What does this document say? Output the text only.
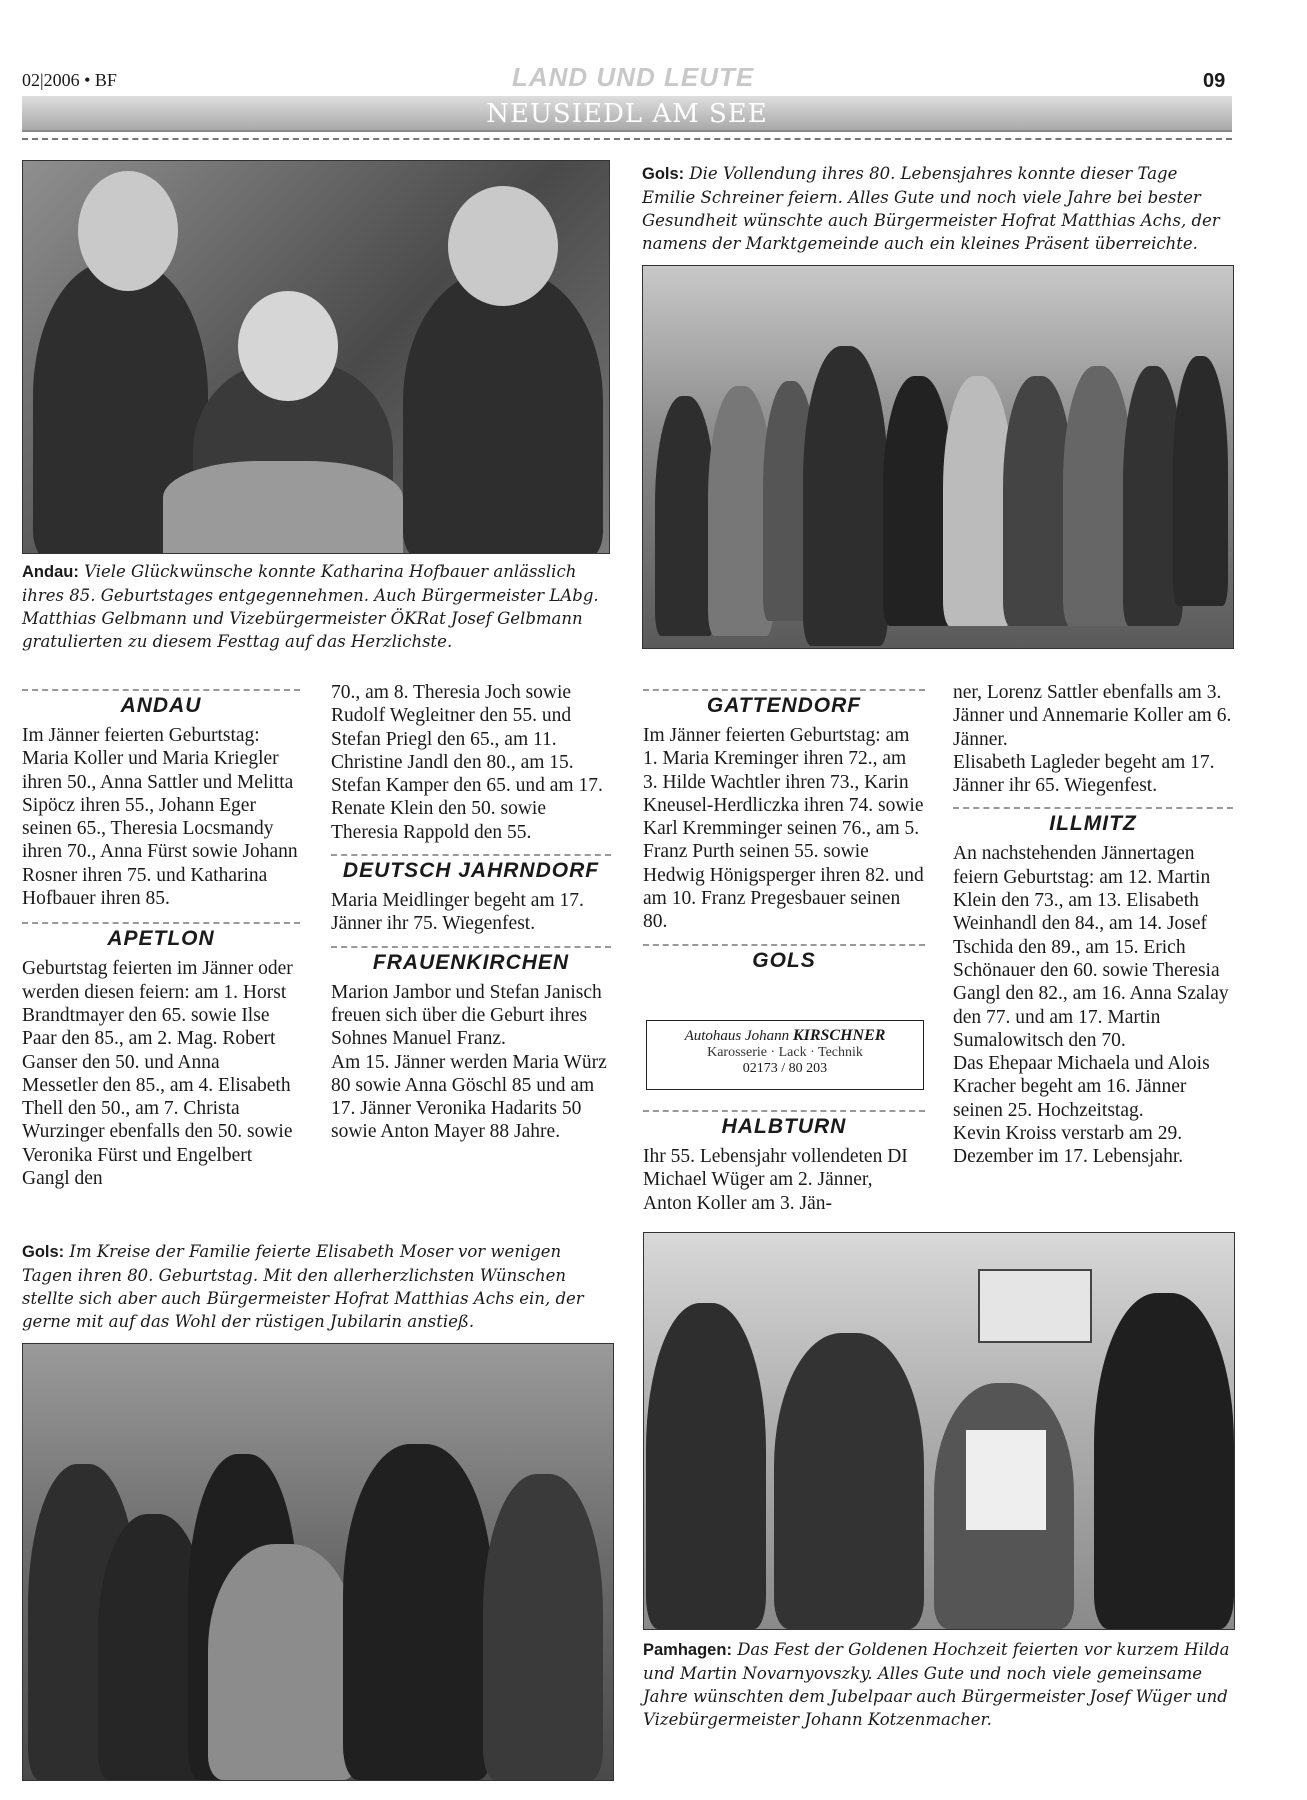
02|2006 • BF	LAND UND LEUTE	09
NEUSIEDL AM SEE
Andau: Viele Glückwünsche konnte Katharina Hofbauer anlässlich ihres 85. Geburtstages entgegennehmen. Auch Bürgermeister LAbg. Matthias Gelbmann und Vizebürgermeister ÖKRat Josef Gelbmann gratulierten zu diesem Festtag auf das Herzlichste.
Gols: Die Vollendung ihres 80. Lebensjahres konnte dieser Tage Emilie Schreiner feiern. Alles Gute und noch viele Jahre bei bester Gesundheit wünschte auch Bürgermeister Hofrat Matthias Achs, der namens der Marktgemeinde auch ein kleines Präsent überreichte.
ANDAU

Im Jänner feierten Geburtstag: Maria Koller und Maria Kriegler ihren 50., Anna Sattler und Melitta Sipöcz ihren 55., Johann Eger seinen 65., Theresia Locsmandy ihren 70., Anna Fürst sowie Johann Rosner ihren 75. und Katharina Hofbauer ihren 85.

APETLON

Geburtstag feierten im Jänner oder werden diesen feiern: am 1. Horst Brandtmayer den 65. sowie Ilse Paar den 85., am 2. Mag. Robert Ganser den 50. und Anna Messetler den 85., am 4. Elisabeth Thell den 50., am 7. Christa Wurzinger ebenfalls den 50. sowie Veronika Fürst und Engelbert Gangl den

70., am 8. Theresia Joch sowie Rudolf Wegleitner den 55. und Stefan Priegl den 65., am 11. Christine Jandl den 80., am 15. Stefan Kamper den 65. und am 17. Renate Klein den 50. sowie Theresia Rappold den 55.

DEUTSCH JAHRNDORF

Maria Meidlinger begeht am 17. Jänner ihr 75. Wiegenfest.

FRAUENKIRCHEN

Marion Jambor und Stefan Janisch freuen sich über die Geburt ihres Sohnes Manuel Franz.

Am 15. Jänner werden Maria Würz 80 sowie Anna Göschl 85 und am 17. Jänner Veronika Hadarits 50 sowie Anton Mayer 88 Jahre.

GATTENDORF

Im Jänner feierten Geburtstag: am 1. Maria Kreminger ihren 72., am 3. Hilde Wachtler ihren 73., Karin Kneusel-Herdliczka ihren 74. sowie Karl Kremminger seinen 76., am 5. Franz Purth seinen 55. sowie Hedwig Hönigsperger ihren 82. und am 10. Franz Pregesbauer seinen 80.

GOLS
Autohaus Johann KIRSCHNER
Karosserie · Lack · Technik
02173 / 80 203
HALBTURN

Ihr 55. Lebensjahr vollendeten DI Michael Wüger am 2. Jänner, Anton Koller am 3. Jän-

ner, Lorenz Sattler ebenfalls am 3. Jänner und Annemarie Koller am 6. Jänner.

Elisabeth Lagleder begeht am 17. Jänner ihr 65. Wiegenfest.

ILLMITZ

An nachstehenden Jännertagen feiern Geburtstag: am 12. Martin Klein den 73., am 13. Elisabeth Weinhandl den 84., am 14. Josef Tschida den 89., am 15. Erich Schönauer den 60. sowie Theresia Gangl den 82., am 16. Anna Szalay den 77. und am 17. Martin Sumalowitsch den 70.

Das Ehepaar Michaela und Alois Kracher begeht am 16. Jänner seinen 25. Hochzeitstag.

Kevin Kroiss verstarb am 29. Dezember im 17. Lebensjahr.

Gols: Im Kreise der Familie feierte Elisabeth Moser vor wenigen Tagen ihren 80. Geburtstag. Mit den allerherzlichsten Wünschen stellte sich aber auch Bürgermeister Hofrat Matthias Achs ein, der gerne mit auf das Wohl der rüstigen Jubilarin anstieß.
Pamhagen: Das Fest der Goldenen Hochzeit feierten vor kurzem Hilda und Martin Novarnyovszky. Alles Gute und noch viele gemeinsame Jahre wünschten dem Jubelpaar auch Bürgermeister Josef Wüger und Vizebürgermeister Johann Kotzenmacher.
